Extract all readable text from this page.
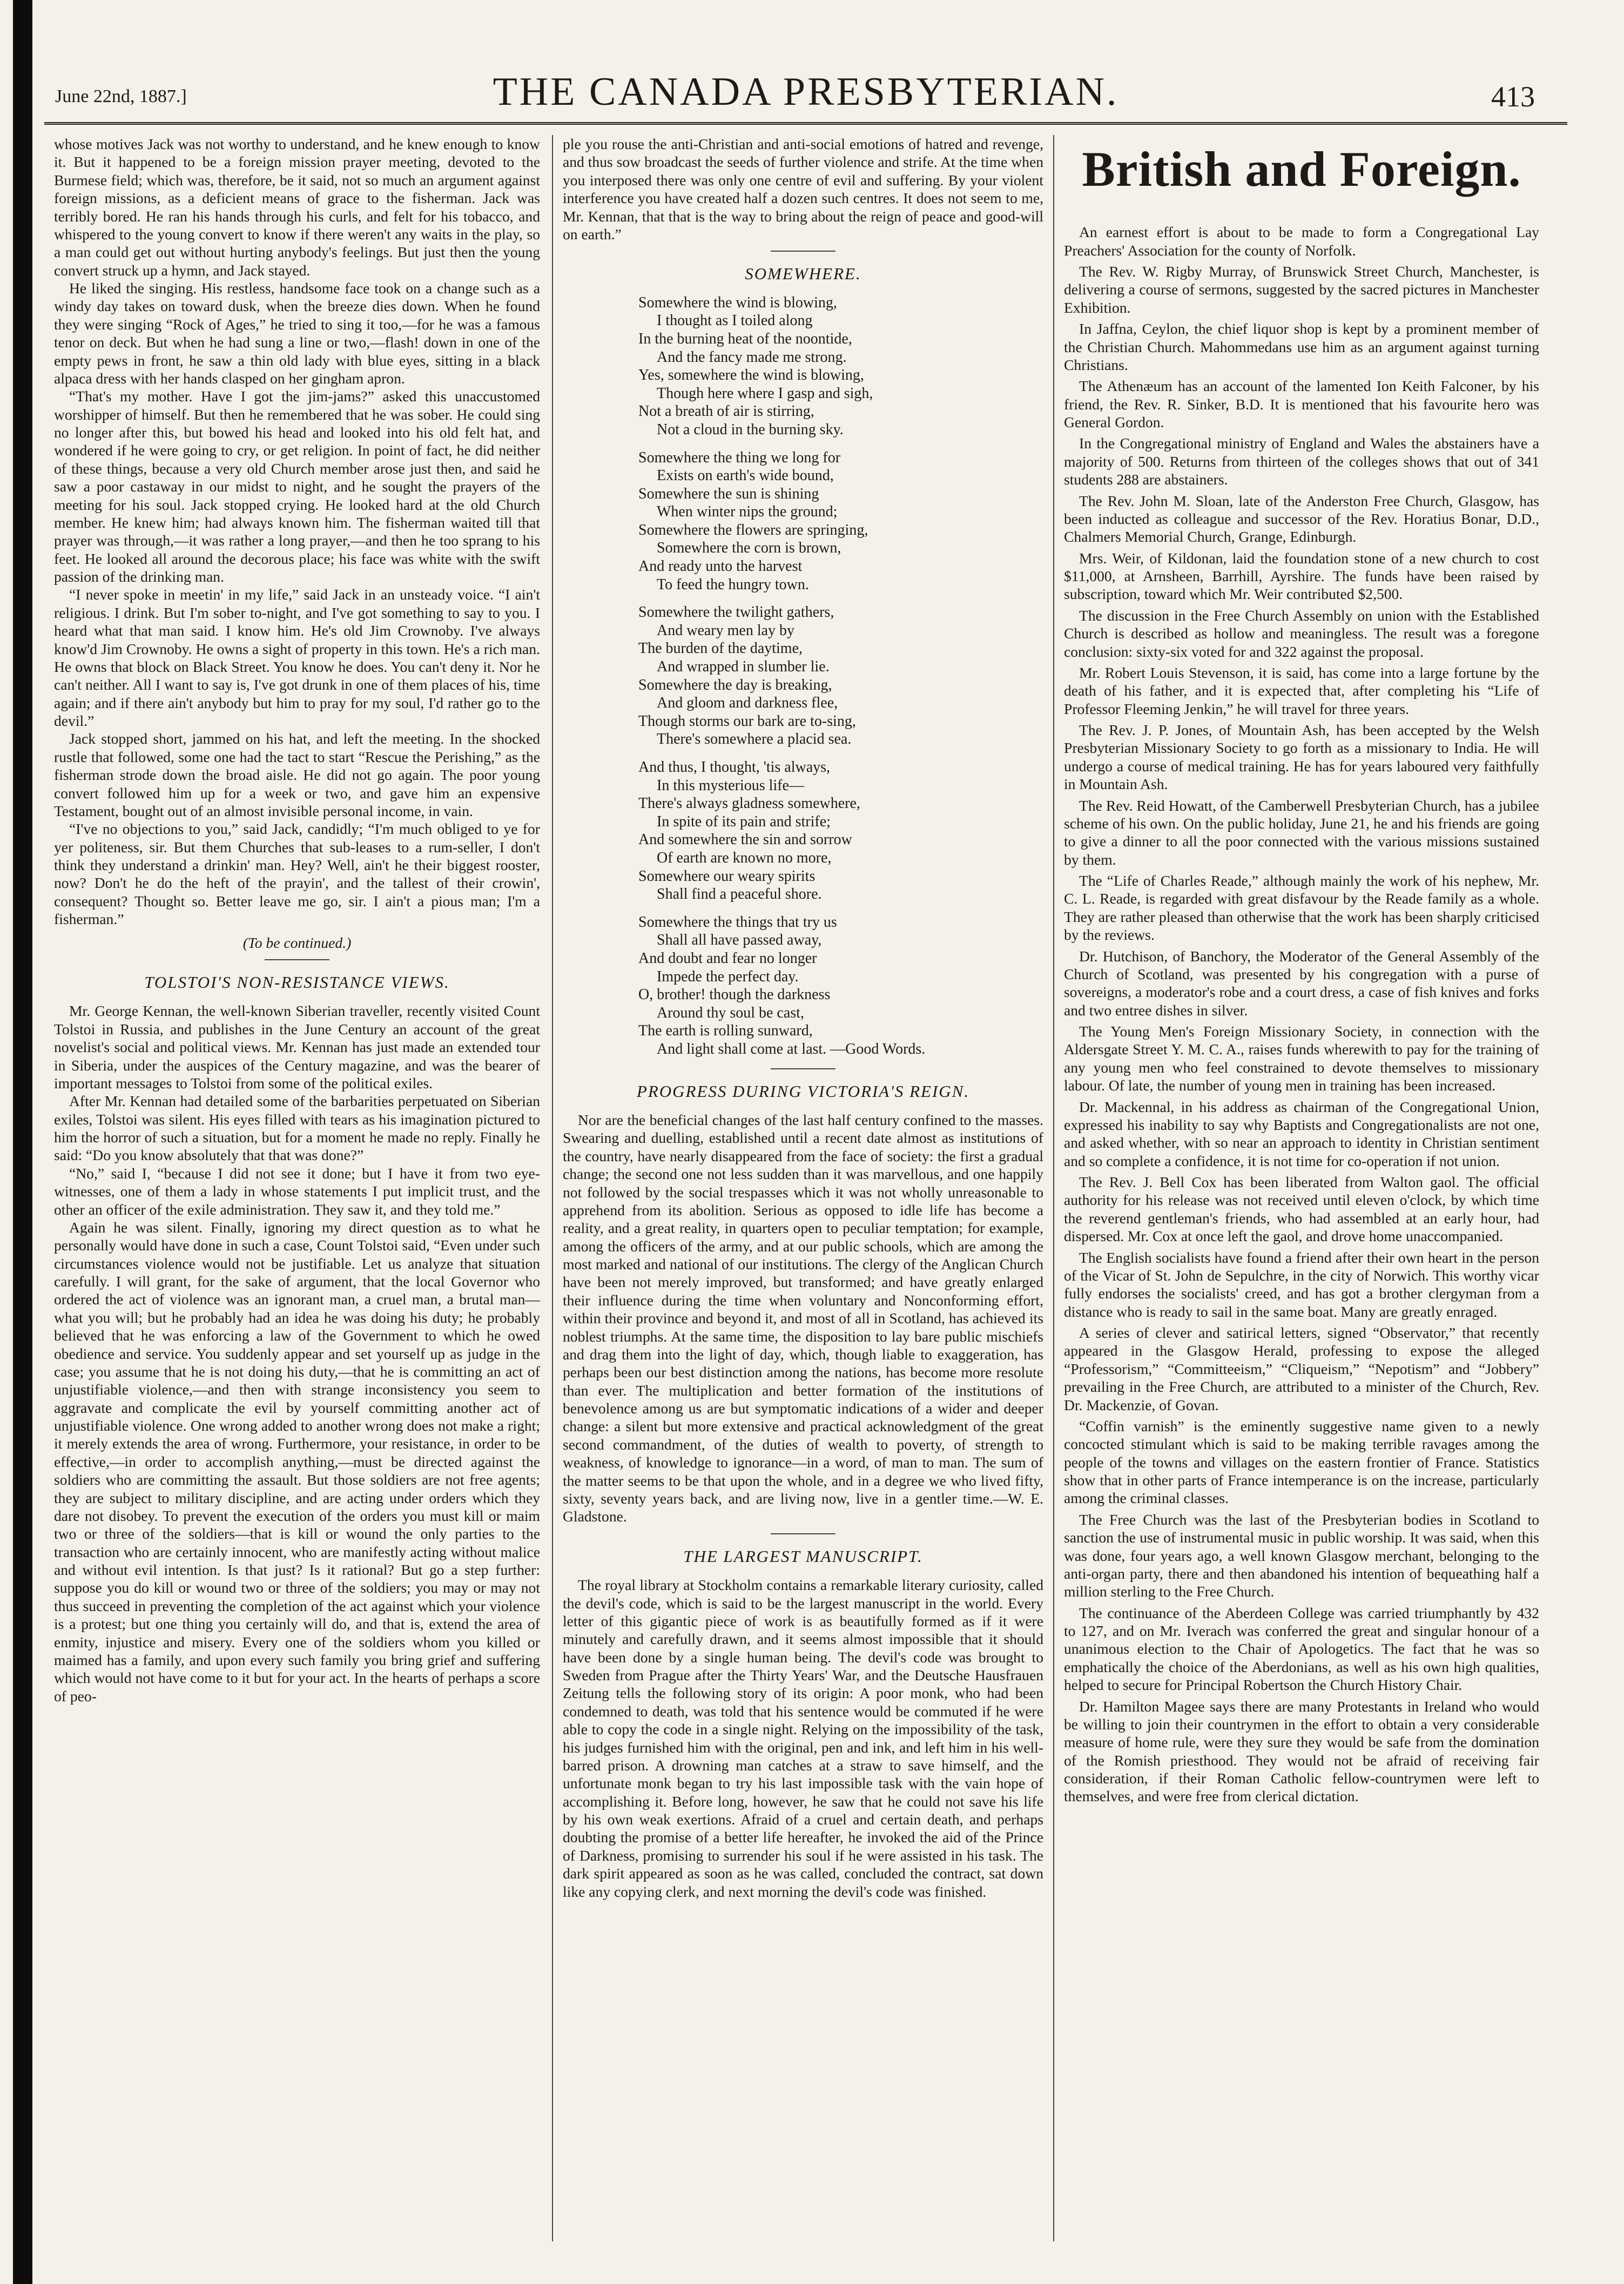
June 22nd, 1887.]	THE CANADA PRESBYTERIAN.	413

whose motives Jack was not worthy to understand, and he knew enough to know it. But it happened to be a foreign mission prayer meeting, devoted to the Burmese field; which was, therefore, be it said, not so much an argument against foreign missions, as a deficient means of grace to the fisherman. Jack was terribly bored. He ran his hands through his curls, and felt for his tobacco, and whispered to the young convert to know if there weren't any waits in the play, so a man could get out without hurting anybody's feelings. But just then the young convert struck up a hymn, and Jack stayed.

He liked the singing. His restless, handsome face took on a change such as a windy day takes on toward dusk, when the breeze dies down. When he found they were singing “Rock of Ages,” he tried to sing it too,—for he was a famous tenor on deck. But when he had sung a line or two,—flash! down in one of the empty pews in front, he saw a thin old lady with blue eyes, sitting in a black alpaca dress with her hands clasped on her gingham apron.

“That's my mother. Have I got the jim-jams?” asked this unaccustomed worshipper of himself. But then he remembered that he was sober. He could sing no longer after this, but bowed his head and looked into his old felt hat, and wondered if he were going to cry, or get religion. In point of fact, he did neither of these things, because a very old Church member arose just then, and said he saw a poor castaway in our midst to night, and he sought the prayers of the meeting for his soul. Jack stopped crying. He looked hard at the old Church member. He knew him; had always known him. The fisherman waited till that prayer was through,—it was rather a long prayer,—and then he too sprang to his feet. He looked all around the decorous place; his face was white with the swift passion of the drinking man.

“I never spoke in meetin' in my life,” said Jack in an unsteady voice. “I ain't religious. I drink. But I'm sober to-night, and I've got something to say to you. I heard what that man said. I know him. He's old Jim Crownoby. I've always know'd Jim Crownoby. He owns a sight of property in this town. He's a rich man. He owns that block on Black Street. You know he does. You can't deny it. Nor he can't neither. All I want to say is, I've got drunk in one of them places of his, time again; and if there ain't anybody but him to pray for my soul, I'd rather go to the devil.”

Jack stopped short, jammed on his hat, and left the meeting. In the shocked rustle that followed, some one had the tact to start “Rescue the Perishing,” as the fisherman strode down the broad aisle. He did not go again. The poor young convert followed him up for a week or two, and gave him an expensive Testament, bought out of an almost invisible personal income, in vain.

“I've no objections to you,” said Jack, candidly; “I'm much obliged to ye for yer politeness, sir. But them Churches that sub-leases to a rum-seller, I don't think they understand a drinkin' man. Hey? Well, ain't he their biggest rooster, now? Don't he do the heft of the prayin', and the tallest of their crowin', consequent? Thought so. Better leave me go, sir. I ain't a pious man; I'm a fisherman.”

(To be continued.)
TOLSTOI'S NON-RESISTANCE VIEWS.

Mr. George Kennan, the well-known Siberian traveller, recently visited Count Tolstoi in Russia, and publishes in the June Century an account of the great novelist's social and political views. Mr. Kennan has just made an extended tour in Siberia, under the auspices of the Century magazine, and was the bearer of important messages to Tolstoi from some of the political exiles.

After Mr. Kennan had detailed some of the barbarities perpetuated on Siberian exiles, Tolstoi was silent. His eyes filled with tears as his imagination pictured to him the horror of such a situation, but for a moment he made no reply. Finally he said: “Do you know absolutely that that was done?”

“No,” said I, “because I did not see it done; but I have it from two eye-witnesses, one of them a lady in whose statements I put implicit trust, and the other an officer of the exile administration. They saw it, and they told me.”

Again he was silent. Finally, ignoring my direct question as to what he personally would have done in such a case, Count Tolstoi said, “Even under such circumstances violence would not be justifiable. Let us analyze that situation carefully. I will grant, for the sake of argument, that the local Governor who ordered the act of violence was an ignorant man, a cruel man, a brutal man—what you will; but he probably had an idea he was doing his duty; he probably believed that he was enforcing a law of the Government to which he owed obedience and service. You suddenly appear and set yourself up as judge in the case; you assume that he is not doing his duty,—that he is committing an act of unjustifiable violence,—and then with strange inconsistency you seem to aggravate and complicate the evil by yourself committing another act of unjustifiable violence. One wrong added to another wrong does not make a right; it merely extends the area of wrong. Furthermore, your resistance, in order to be effective,—in order to accomplish anything,—must be directed against the soldiers who are committing the assault. But those soldiers are not free agents; they are subject to military discipline, and are acting under orders which they dare not disobey. To prevent the execution of the orders you must kill or maim two or three of the soldiers—that is kill or wound the only parties to the transaction who are certainly innocent, who are manifestly acting without malice and without evil intention. Is that just? Is it rational? But go a step further: suppose you do kill or wound two or three of the soldiers; you may or may not thus succeed in preventing the completion of the act against which your violence is a protest; but one thing you certainly will do, and that is, extend the area of enmity, injustice and misery. Every one of the soldiers whom you killed or maimed has a family, and upon every such family you bring grief and suffering which would not have come to it but for your act. In the hearts of perhaps a score of peo-

ple you rouse the anti-Christian and anti-social emotions of hatred and revenge, and thus sow broadcast the seeds of further violence and strife. At the time when you interposed there was only one centre of evil and suffering. By your violent interference you have created half a dozen such centres. It does not seem to me, Mr. Kennan, that that is the way to bring about the reign of peace and good-will on earth.”

SOMEWHERE.
Somewhere the wind is blowing,
I thought as I toiled along
In the burning heat of the noontide,
And the fancy made me strong.
Yes, somewhere the wind is blowing,
Though here where I gasp and sigh,
Not a breath of air is stirring,
Not a cloud in the burning sky.
Somewhere the thing we long for
Exists on earth's wide bound,
Somewhere the sun is shining
When winter nips the ground;
Somewhere the flowers are springing,
Somewhere the corn is brown,
And ready unto the harvest
To feed the hungry town.
Somewhere the twilight gathers,
And weary men lay by
The burden of the daytime,
And wrapped in slumber lie.
Somewhere the day is breaking,
And gloom and darkness flee,
Though storms our bark are to-sing,
There's somewhere a placid sea.
And thus, I thought, 'tis always,
In this mysterious life—
There's always gladness somewhere,
In spite of its pain and strife;
And somewhere the sin and sorrow
Of earth are known no more,
Somewhere our weary spirits
Shall find a peaceful shore.
Somewhere the things that try us
Shall all have passed away,
And doubt and fear no longer
Impede the perfect day.
O, brother! though the darkness
Around thy soul be cast,
The earth is rolling sunward,
And light shall come at last. —Good Words.
PROGRESS DURING VICTORIA'S REIGN.

Nor are the beneficial changes of the last half century confined to the masses. Swearing and duelling, established until a recent date almost as institutions of the country, have nearly disappeared from the face of society: the first a gradual change; the second one not less sudden than it was marvellous, and one happily not followed by the social trespasses which it was not wholly unreasonable to apprehend from its abolition. Serious as opposed to idle life has become a reality, and a great reality, in quarters open to peculiar temptation; for example, among the officers of the army, and at our public schools, which are among the most marked and national of our institutions. The clergy of the Anglican Church have been not merely improved, but transformed; and have greatly enlarged their influence during the time when voluntary and Nonconforming effort, within their province and beyond it, and most of all in Scotland, has achieved its noblest triumphs. At the same time, the disposition to lay bare public mischiefs and drag them into the light of day, which, though liable to exaggeration, has perhaps been our best distinction among the nations, has become more resolute than ever. The multiplication and better formation of the institutions of benevolence among us are but symptomatic indications of a wider and deeper change: a silent but more extensive and practical acknowledgment of the great second commandment, of the duties of wealth to poverty, of strength to weakness, of knowledge to ignorance—in a word, of man to man. The sum of the matter seems to be that upon the whole, and in a degree we who lived fifty, sixty, seventy years back, and are living now, live in a gentler time.—W. E. Gladstone.

THE LARGEST MANUSCRIPT.

The royal library at Stockholm contains a remarkable literary curiosity, called the devil's code, which is said to be the largest manuscript in the world. Every letter of this gigantic piece of work is as beautifully formed as if it were minutely and carefully drawn, and it seems almost impossible that it should have been done by a single human being. The devil's code was brought to Sweden from Prague after the Thirty Years' War, and the Deutsche Hausfrauen Zeitung tells the following story of its origin: A poor monk, who had been condemned to death, was told that his sentence would be commuted if he were able to copy the code in a single night. Relying on the impossibility of the task, his judges furnished him with the original, pen and ink, and left him in his well-barred prison. A drowning man catches at a straw to save himself, and the unfortunate monk began to try his last impossible task with the vain hope of accomplishing it. Before long, however, he saw that he could not save his life by his own weak exertions. Afraid of a cruel and certain death, and perhaps doubting the promise of a better life hereafter, he invoked the aid of the Prince of Darkness, promising to surrender his soul if he were assisted in his task. The dark spirit appeared as soon as he was called, concluded the contract, sat down like any copying clerk, and next morning the devil's code was finished.

British and Foreign.

An earnest effort is about to be made to form a Congregational Lay Preachers' Association for the county of Norfolk.

The Rev. W. Rigby Murray, of Brunswick Street Church, Manchester, is delivering a course of sermons, suggested by the sacred pictures in Manchester Exhibition.

In Jaffna, Ceylon, the chief liquor shop is kept by a prominent member of the Christian Church. Mahommedans use him as an argument against turning Christians.

The Athenæum has an account of the lamented Ion Keith Falconer, by his friend, the Rev. R. Sinker, B.D. It is mentioned that his favourite hero was General Gordon.

In the Congregational ministry of England and Wales the abstainers have a majority of 500. Returns from thirteen of the colleges shows that out of 341 students 288 are abstainers.

The Rev. John M. Sloan, late of the Anderston Free Church, Glasgow, has been inducted as colleague and successor of the Rev. Horatius Bonar, D.D., Chalmers Memorial Church, Grange, Edinburgh.

Mrs. Weir, of Kildonan, laid the foundation stone of a new church to cost $11,000, at Arnsheen, Barrhill, Ayrshire. The funds have been raised by subscription, toward which Mr. Weir contributed $2,500.

The discussion in the Free Church Assembly on union with the Established Church is described as hollow and meaningless. The result was a foregone conclusion: sixty-six voted for and 322 against the proposal.

Mr. Robert Louis Stevenson, it is said, has come into a large fortune by the death of his father, and it is expected that, after completing his “Life of Professor Fleeming Jenkin,” he will travel for three years.

The Rev. J. P. Jones, of Mountain Ash, has been accepted by the Welsh Presbyterian Missionary Society to go forth as a missionary to India. He will undergo a course of medical training. He has for years laboured very faithfully in Mountain Ash.

The Rev. Reid Howatt, of the Camberwell Presbyterian Church, has a jubilee scheme of his own. On the public holiday, June 21, he and his friends are going to give a dinner to all the poor connected with the various missions sustained by them.

The “Life of Charles Reade,” although mainly the work of his nephew, Mr. C. L. Reade, is regarded with great disfavour by the Reade family as a whole. They are rather pleased than otherwise that the work has been sharply criticised by the reviews.

Dr. Hutchison, of Banchory, the Moderator of the General Assembly of the Church of Scotland, was presented by his congregation with a purse of sovereigns, a moderator's robe and a court dress, a case of fish knives and forks and two entree dishes in silver.

The Young Men's Foreign Missionary Society, in connection with the Aldersgate Street Y. M. C. A., raises funds wherewith to pay for the training of any young men who feel constrained to devote themselves to missionary labour. Of late, the number of young men in training has been increased.

Dr. Mackennal, in his address as chairman of the Congregational Union, expressed his inability to say why Baptists and Congregationalists are not one, and asked whether, with so near an approach to identity in Christian sentiment and so complete a confidence, it is not time for co-operation if not union.

The Rev. J. Bell Cox has been liberated from Walton gaol. The official authority for his release was not received until eleven o'clock, by which time the reverend gentleman's friends, who had assembled at an early hour, had dispersed. Mr. Cox at once left the gaol, and drove home unaccompanied.

The English socialists have found a friend after their own heart in the person of the Vicar of St. John de Sepulchre, in the city of Norwich. This worthy vicar fully endorses the socialists' creed, and has got a brother clergyman from a distance who is ready to sail in the same boat. Many are greatly enraged.

A series of clever and satirical letters, signed “Observator,” that recently appeared in the Glasgow Herald, professing to expose the alleged “Professorism,” “Committeeism,” “Cliqueism,” “Nepotism” and “Jobbery” prevailing in the Free Church, are attributed to a minister of the Church, Rev. Dr. Mackenzie, of Govan.

“Coffin varnish” is the eminently suggestive name given to a newly concocted stimulant which is said to be making terrible ravages among the people of the towns and villages on the eastern frontier of France. Statistics show that in other parts of France intemperance is on the increase, particularly among the criminal classes.

The Free Church was the last of the Presbyterian bodies in Scotland to sanction the use of instrumental music in public worship. It was said, when this was done, four years ago, a well known Glasgow merchant, belonging to the anti-organ party, there and then abandoned his intention of bequeathing half a million sterling to the Free Church.

The continuance of the Aberdeen College was carried triumphantly by 432 to 127, and on Mr. Iverach was conferred the great and singular honour of a unanimous election to the Chair of Apologetics. The fact that he was so emphatically the choice of the Aberdonians, as well as his own high qualities, helped to secure for Principal Robertson the Church History Chair.

Dr. Hamilton Magee says there are many Protestants in Ireland who would be willing to join their countrymen in the effort to obtain a very considerable measure of home rule, were they sure they would be safe from the domination of the Romish priesthood. They would not be afraid of receiving fair consideration, if their Roman Catholic fellow-countrymen were left to themselves, and were free from clerical dictation.
